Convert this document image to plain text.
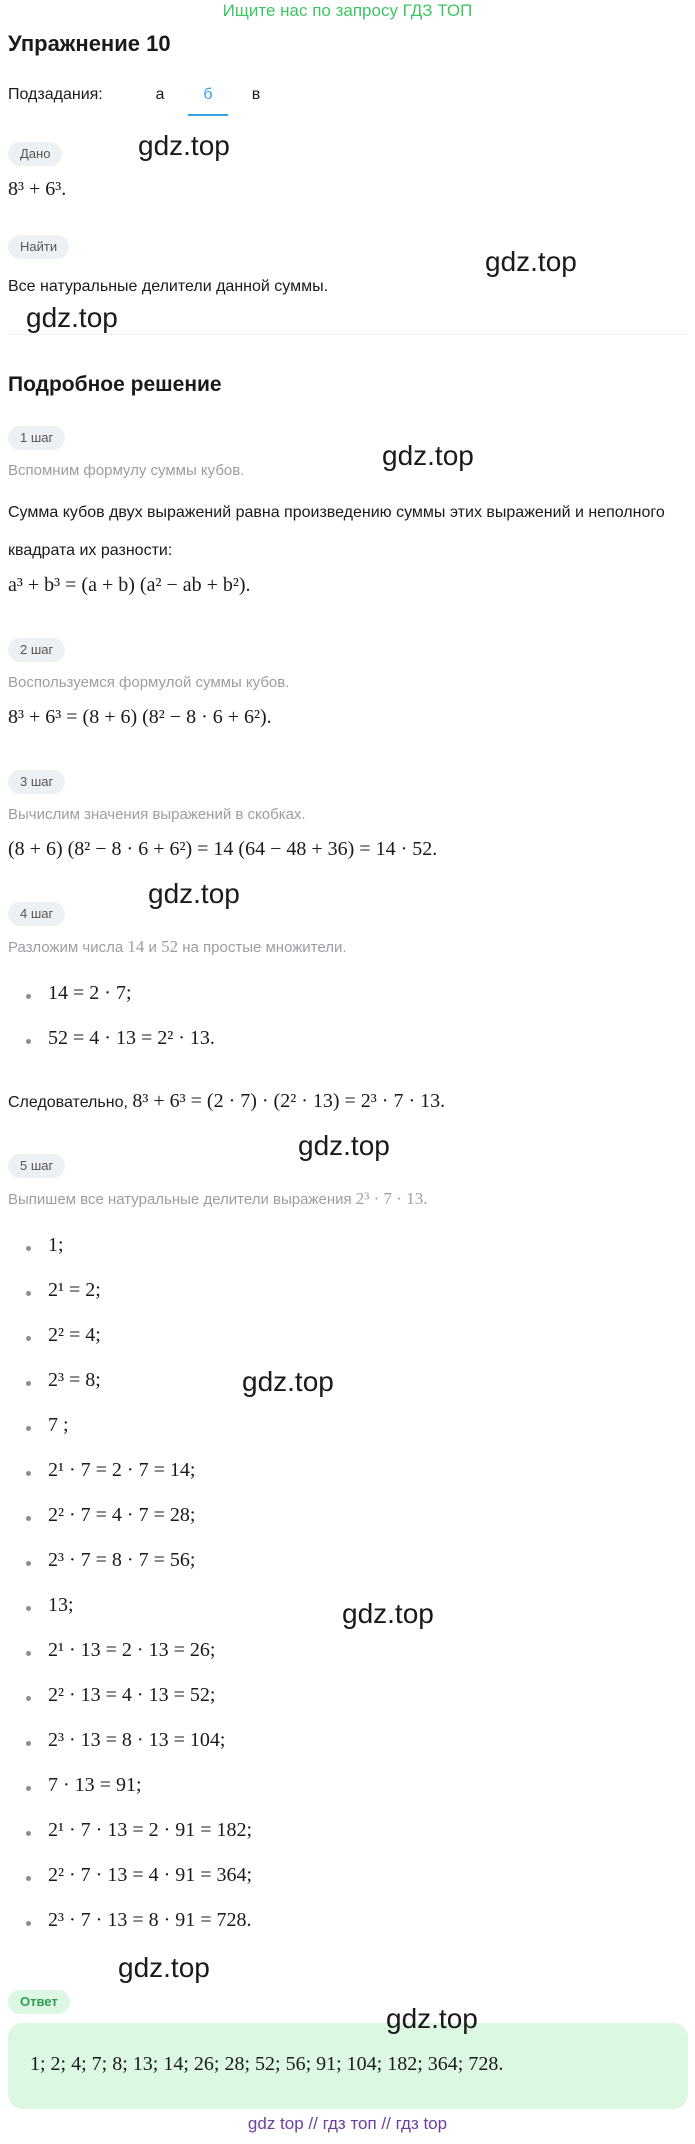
Ищите нас по запросу ГДЗ ТОП
Упражнение 10
Подзадания:	а	б	в
Дано
8³ + 6³.
Найти
Все натуральные делители данной суммы.
Подробное решение
1 шаг
Вспомним формулу суммы кубов.
Сумма кубов двух выражений равна произведению суммы этих выражений и неполного квадрата их разности:
a³ + b³ = (a + b) (a² − ab + b²).
2 шаг
Воспользуемся формулой суммы кубов.
8³ + 6³ = (8 + 6) (8² − 8 · 6 + 6²).
3 шаг
Вычислим значения выражений в скобках.
(8 + 6) (8² − 8 · 6 + 6²) = 14 (64 − 48 + 36) = 14 · 52.
4 шаг
Разложим числа 14 и 52 на простые множители.
14 = 2 · 7;
52 = 4 · 13 = 2² · 13.
Следовательно, 8³ + 6³ = (2 · 7) · (2² · 13) = 2³ · 7 · 13.
5 шаг
Выпишем все натуральные делители выражения 2³ · 7 · 13.
1;
2¹ = 2;
2² = 4;
2³ = 8;
7 ;
2¹ · 7 = 2 · 7 = 14;
2² · 7 = 4 · 7 = 28;
2³ · 7 = 8 · 7 = 56;
13;
2¹ · 13 = 2 · 13 = 26;
2² · 13 = 4 · 13 = 52;
2³ · 13 = 8 · 13 = 104;
7 · 13 = 91;
2¹ · 7 · 13 = 2 · 91 = 182;
2² · 7 · 13 = 4 · 91 = 364;
2³ · 7 · 13 = 8 · 91 = 728.
Ответ
1; 2; 4; 7; 8; 13; 14; 26; 28; 52; 56; 91; 104; 182; 364; 728.
gdz.top
gdz.top
gdz.top
gdz.top
gdz.top
gdz.top
gdz.top
gdz.top
gdz.top
gdz.top
gdz top // гдз топ // гдз top
